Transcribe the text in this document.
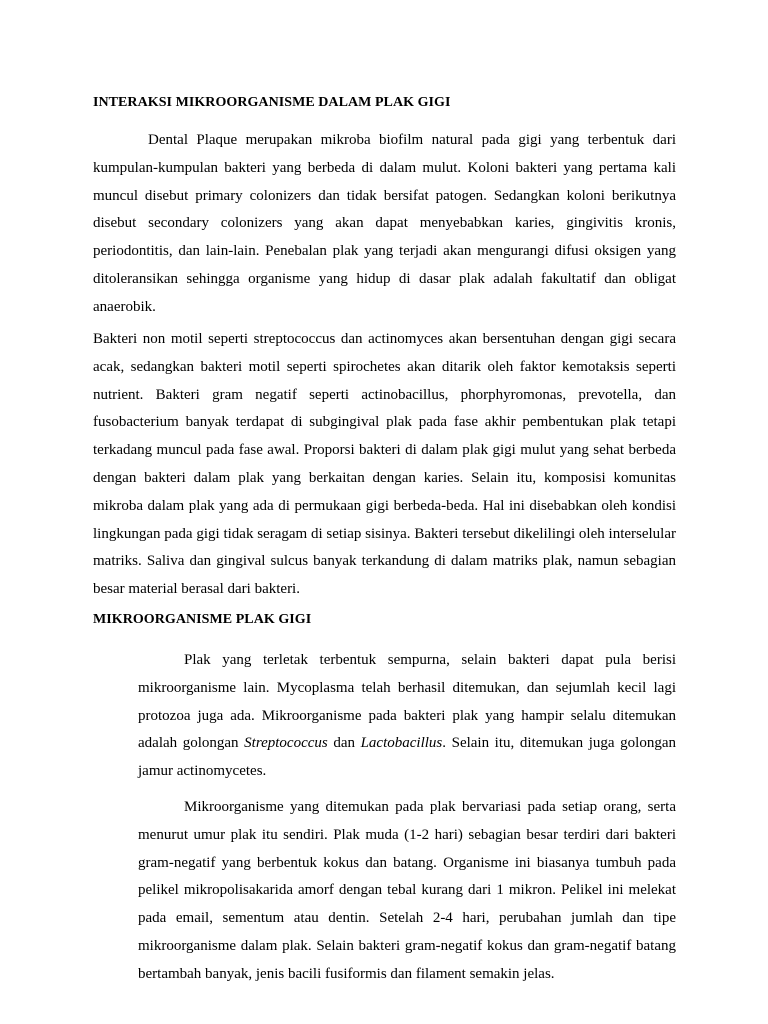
INTERAKSI MIKROORGANISME DALAM PLAK GIGI

Dental Plaque merupakan mikroba biofilm natural pada gigi yang terbentuk dari kumpulan-kumpulan bakteri yang berbeda di dalam mulut. Koloni bakteri yang pertama kali muncul disebut primary colonizers dan tidak bersifat patogen. Sedangkan koloni berikutnya disebut secondary colonizers yang akan dapat menyebabkan karies, gingivitis kronis, periodontitis, dan lain-lain. Penebalan plak yang terjadi akan mengurangi difusi oksigen yang ditoleransikan sehingga organisme yang hidup di dasar plak adalah fakultatif dan obligat anaerobik.

Bakteri non motil seperti streptococcus dan actinomyces akan bersentuhan dengan gigi secara acak, sedangkan bakteri motil seperti spirochetes akan ditarik oleh faktor kemotaksis seperti nutrient. Bakteri gram negatif seperti actinobacillus, phorphyromonas, prevotella, dan fusobacterium banyak terdapat di subgingival plak pada fase akhir pembentukan plak tetapi terkadang muncul pada fase awal. Proporsi bakteri di dalam plak gigi mulut yang sehat berbeda dengan bakteri dalam plak yang berkaitan dengan karies. Selain itu, komposisi komunitas mikroba dalam plak yang ada di permukaan gigi berbeda-beda. Hal ini disebabkan oleh kondisi lingkungan pada gigi tidak seragam di setiap sisinya. Bakteri tersebut dikelilingi oleh interselular matriks. Saliva dan gingival sulcus banyak terkandung di dalam matriks plak, namun sebagian besar material berasal dari bakteri.

MIKROORGANISME PLAK GIGI

Plak yang terletak terbentuk sempurna, selain bakteri dapat pula berisi mikroorganisme lain. Mycoplasma telah berhasil ditemukan, dan sejumlah kecil lagi protozoa juga ada. Mikroorganisme pada bakteri plak yang hampir selalu ditemukan adalah golongan Streptococcus dan Lactobacillus. Selain itu, ditemukan juga golongan jamur actinomycetes.

Mikroorganisme yang ditemukan pada plak bervariasi pada setiap orang, serta menurut umur plak itu sendiri. Plak muda (1-2 hari) sebagian besar terdiri dari bakteri gram-negatif yang berbentuk kokus dan batang. Organisme ini biasanya tumbuh pada pelikel mikropolisakarida amorf dengan tebal kurang dari 1 mikron. Pelikel ini melekat pada email, sementum atau dentin. Setelah 2-4 hari, perubahan jumlah dan tipe mikroorganisme dalam plak. Selain bakteri gram-negatif kokus dan gram-negatif batang bertambah banyak, jenis bacili fusiformis dan filament semakin jelas.
